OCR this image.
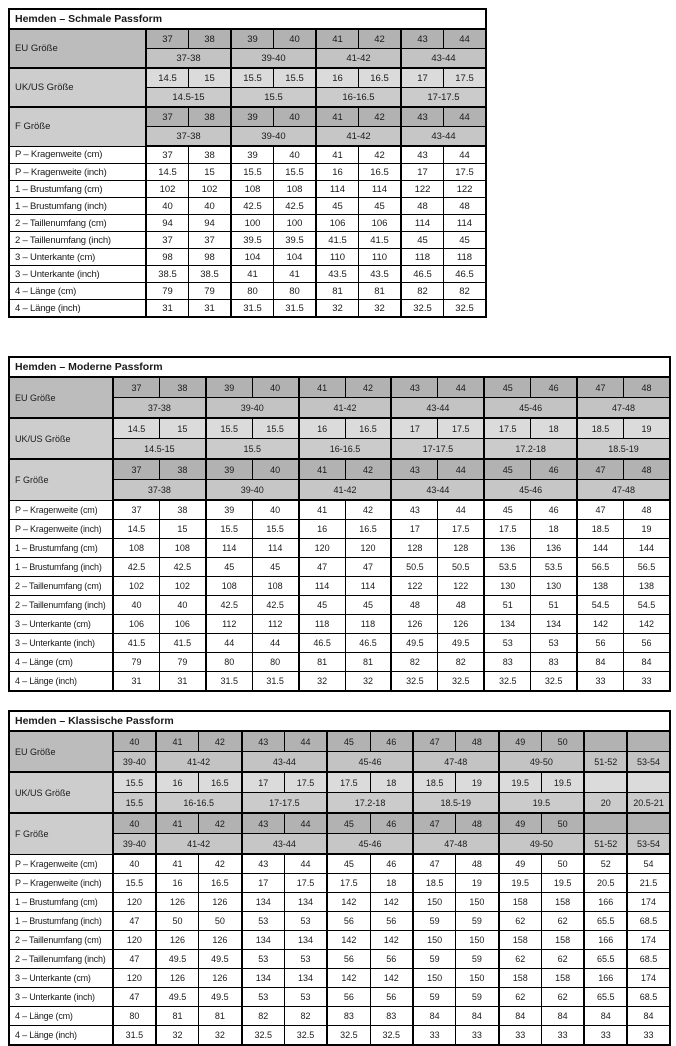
Hemden – Schmale Passform								
EU Größe	37	38	39	40	41	42	43	44
	37-38		39-40		41-42		43-44	
UK/US Größe	14.5	15	15.5	15.5	16	16.5	17	17.5
	14.5-15		15.5		16-16.5		17-17.5	
F Größe	37	38	39	40	41	42	43	44
	37-38		39-40		41-42		43-44	
P – Kragenweite (cm)	37	38	39	40	41	42	43	44
P – Kragenweite (inch)	14.5	15	15.5	15.5	16	16.5	17	17.5
1 – Brustumfang (cm)	102	102	108	108	114	114	122	122
1 – Brustumfang (inch)	40	40	42.5	42.5	45	45	48	48
2 – Taillenumfang (cm)	94	94	100	100	106	106	114	114
2 – Taillenumfang (inch)	37	37	39.5	39.5	41.5	41.5	45	45
3 – Unterkante (cm)	98	98	104	104	110	110	118	118
3 – Unterkante (inch)	38.5	38.5	41	41	43.5	43.5	46.5	46.5
4 – Länge (cm)	79	79	80	80	81	81	82	82
4 – Länge (inch)	31	31	31.5	31.5	32	32	32.5	32.5
Hemden – Moderne Passform												
EU Größe	37	38	39	40	41	42	43	44	45	46	47	48
	37-38		39-40		41-42		43-44		45-46		47-48	
UK/US Größe	14.5	15	15.5	15.5	16	16.5	17	17.5	17.5	18	18.5	19
	14.5-15		15.5		16-16.5		17-17.5		17.2-18		18.5-19	
F Größe	37	38	39	40	41	42	43	44	45	46	47	48
	37-38		39-40		41-42		43-44		45-46		47-48	
P – Kragenweite (cm)	37	38	39	40	41	42	43	44	45	46	47	48
P – Kragenweite (inch)	14.5	15	15.5	15.5	16	16.5	17	17.5	17.5	18	18.5	19
1 – Brustumfang (cm)	108	108	114	114	120	120	128	128	136	136	144	144
1 – Brustumfang (inch)	42.5	42.5	45	45	47	47	50.5	50.5	53.5	53.5	56.5	56.5
2 – Taillenumfang (cm)	102	102	108	108	114	114	122	122	130	130	138	138
2 – Taillenumfang (inch)	40	40	42.5	42.5	45	45	48	48	51	51	54.5	54.5
3 – Unterkante (cm)	106	106	112	112	118	118	126	126	134	134	142	142
3 – Unterkante (inch)	41.5	41.5	44	44	46.5	46.5	49.5	49.5	53	53	56	56
4 – Länge (cm)	79	79	80	80	81	81	82	82	83	83	84	84
4 – Länge (inch)	31	31	31.5	31.5	32	32	32.5	32.5	32.5	32.5	33	33
Hemden – Klassische Passform													
EU Größe	40	41	42	43	44	45	46	47	48	49	50		
	39-40	41-42		43-44		45-46		47-48		49-50		51-52	53-54
UK/US Größe	15.5	16	16.5	17	17.5	17.5	18	18.5	19	19.5	19.5		
	15.5	16-16.5		17-17.5		17.2-18		18.5-19		19.5		20	20.5-21
F Größe	40	41	42	43	44	45	46	47	48	49	50		
	39-40	41-42		43-44		45-46		47-48		49-50		51-52	53-54
P – Kragenweite (cm)	40	41	42	43	44	45	46	47	48	49	50	52	54
P – Kragenweite (inch)	15.5	16	16.5	17	17.5	17.5	18	18.5	19	19.5	19.5	20.5	21.5
1 – Brustumfang (cm)	120	126	126	134	134	142	142	150	150	158	158	166	174
1 – Brustumfang (inch)	47	50	50	53	53	56	56	59	59	62	62	65.5	68.5
2 – Taillenumfang (cm)	120	126	126	134	134	142	142	150	150	158	158	166	174
2 – Taillenumfang (inch)	47	49.5	49.5	53	53	56	56	59	59	62	62	65.5	68.5
3 – Unterkante (cm)	120	126	126	134	134	142	142	150	150	158	158	166	174
3 – Unterkante (inch)	47	49.5	49.5	53	53	56	56	59	59	62	62	65.5	68.5
4 – Länge (cm)	80	81	81	82	82	83	83	84	84	84	84	84	84
4 – Länge (inch)	31.5	32	32	32.5	32.5	32.5	32.5	33	33	33	33	33	33
